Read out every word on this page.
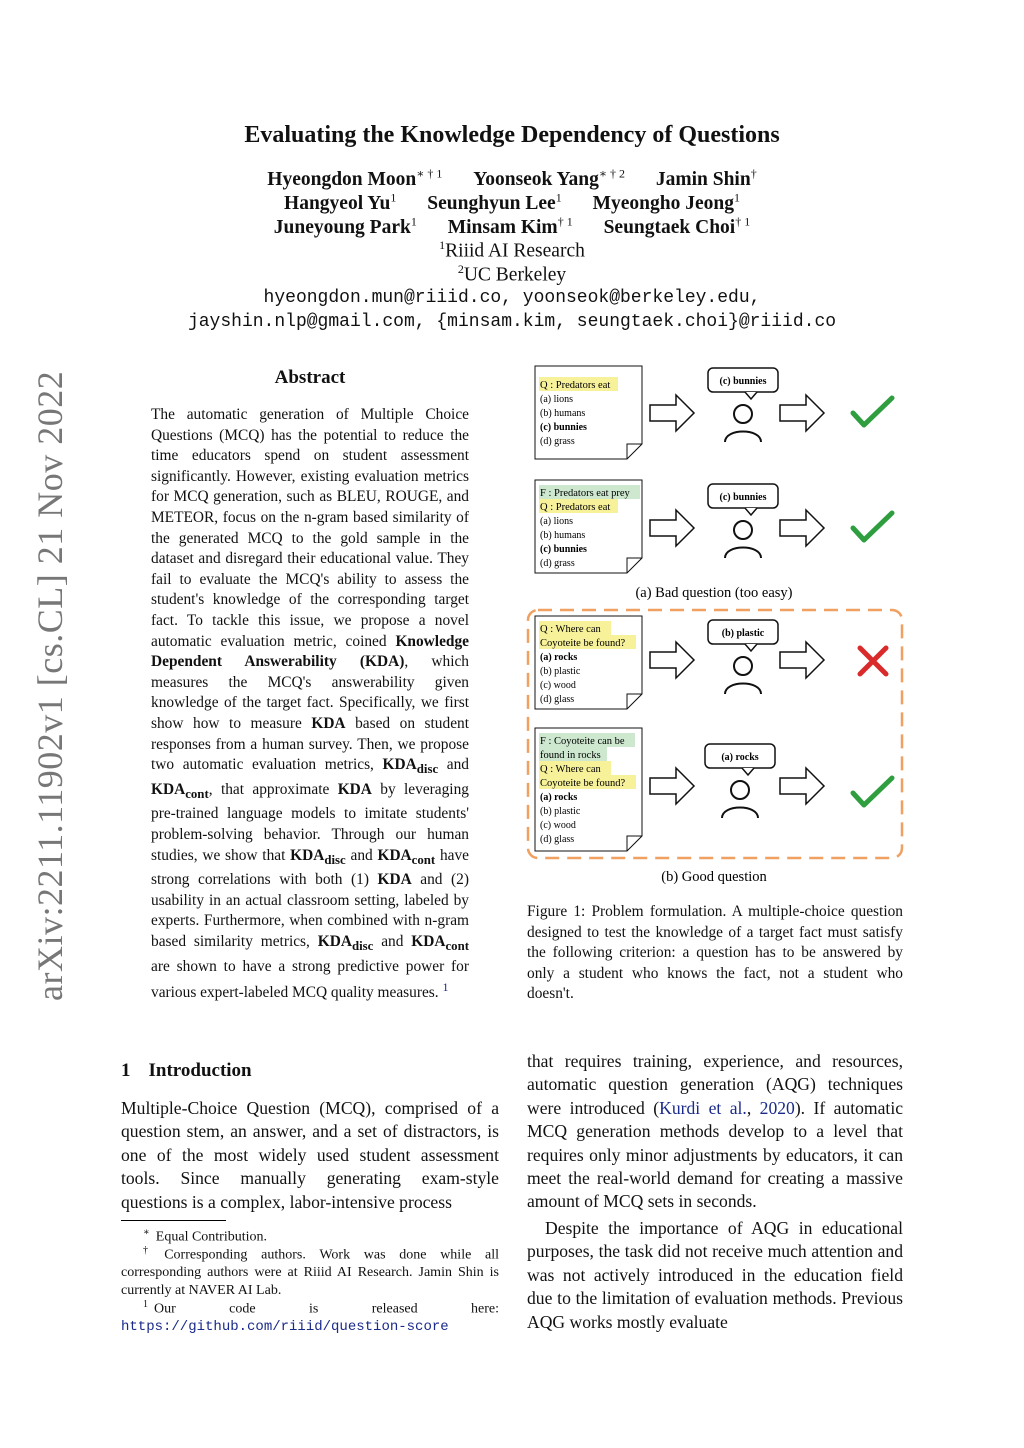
arXiv:2211.11902v1 [cs.CL] 21 Nov 2022
Evaluating the Knowledge Dependency of Questions
Hyeongdon Moon$^{∗ \dagger 1}$ Yoonseok Yang$^{∗ \dagger 2}$ Jamin Shin†
Hangyeol Yu$^1$ Seunghyun Lee$^1$ Myeongho Jeong$^1$
Juneyoung Park$^1$ Minsam Kim$^{\dagger 1}$ Seungtaek Choi$^{\dagger 1}$
$^1$Riiid AI Research
$^2$UC Berkeley
hyeongdon.mun@riiid.co, yoonseok@berkeley.edu,
jayshin.nlp@gmail.com, {minsam.kim, seungtaek.choi}@riiid.co
Abstract
The automatic generation of Multiple Choice Questions (MCQ) has the potential to reduce the time educators spend on student assessment significantly. However, existing evaluation metrics for MCQ generation, such as BLEU, ROUGE, and METEOR, focus on the n-gram based similarity of the generated MCQ to the gold sample in the dataset and disregard their educational value. They fail to evaluate the MCQ's ability to assess the student's knowledge of the corresponding target fact. To tackle this issue, we propose a novel automatic evaluation metric, coined Knowledge Dependent Answerability (KDA), which measures the MCQ's answerability given knowledge of the target fact. Specifically, we first show how to measure KDA based on student responses from a human survey. Then, we propose two automatic evaluation metrics, $KDA_{disc}$ and $KDA_{cont}$, that approximate KDA by leveraging pre-trained language models to imitate students' problem-solving behavior. Through our human studies, we show that $KDA_{disc}$ and $KDA_{cont}$ have strong correlations with both (1) KDA and (2) usability in an actual classroom setting, labeled by experts. Furthermore, when combined with n-gram based similarity metrics, $KDA_{disc}$ and $KDA_{cont}$ are shown to have a strong predictive power for various expert-labeled MCQ quality measures. $^1$
1 Introduction
Multiple-Choice Question (MCQ), comprised of a question stem, an answer, and a set of distractors, is one of the most widely used student assessment tools. Since manually generating exam-style questions is a complex, labor-intensive process
∗ Equal Contribution.
† Corresponding authors. Work was done while all corresponding authors were at Riiid AI Research. Jamin Shin is currently at NAVER AI Lab.
$^1$ Our code is released here: https://github.com/riiid/question-score
that requires training, experience, and resources, automatic question generation (AQG) techniques were introduced (Kurdi et al., 2020). If automatic MCQ generation methods develop to a level that requires only minor adjustments by educators, it can meet the real-world demand for creating a massive amount of MCQ sets in seconds.
Despite the importance of AQG in educational purposes, the task did not receive much attention and was not actively introduced in the education field due to the limitation of evaluation methods. Previous AQG works mostly evaluate
Q : Predators eat
(a) lions
(b) humans
(c) bunnies
(d) grass
(c) bunnies
F : Predators eat prey
Q : Predators eat
(a) lions
(b) humans
(c) bunnies
(d) grass
(c) bunnies
(a) Bad question (too easy)
Q : Where can
Coyoteite be found?
(a) rocks
(b) plastic
(c) wood
(d) glass
(b) plastic
F : Coyoteite can be
found in rocks
Q : Where can
Coyoteite be found?
(a) rocks
(b) plastic
(c) wood
(d) glass
(a) rocks
(b) Good question
Figure 1: Problem formulation. A multiple-choice question designed to test the knowledge of a target fact must satisfy the following criterion: a question has to be answered by only a student who knows the fact, not a student who doesn't.
